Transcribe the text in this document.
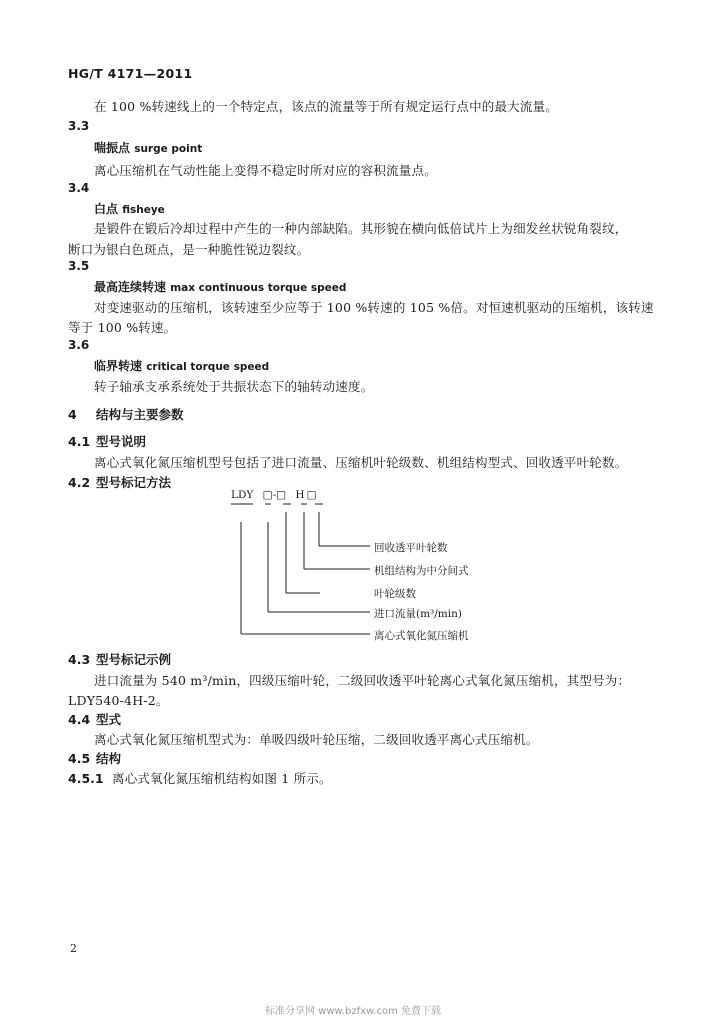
HG/T 4171—2011
在 100 %转速线上的一个特定点，该点的流量等于所有规定运行点中的最大流量。
3.3
喘振点 surge point
离心压缩机在气动性能上变得不稳定时所对应的容积流量点。
3.4
白点 fisheye
是锻件在锻后冷却过程中产生的一种内部缺陷。其形貌在横向低倍试片上为细发丝状锐角裂纹，
断口为银白色斑点，是一种脆性锐边裂纹。
3.5
最高连续转速 max continuous torque speed
对变速驱动的压缩机，该转速至少应等于 100 %转速的 105 %倍。对恒速机驱动的压缩机，该转速
等于 100 %转速。
3.6
临界转速 critical torque speed
转子轴承支承系统处于共振状态下的轴转动速度。
4 结构与主要参数
4.1 型号说明
离心式氧化氮压缩机型号包括了进口流量、压缩机叶轮级数、机组结构型式、回收透平叶轮数。
4.2 型号标记方法
LDY □-□ H □
回收透平叶轮数
机组结构为中分间式
叶轮级数
进口流量(m³/min)
离心式氧化氮压缩机
4.3 型号标记示例
进口流量为 540 m³/min，四级压缩叶轮，二级回收透平叶轮离心式氧化氮压缩机，其型号为：
LDY540-4H-2。
4.4 型式
离心式氧化氮压缩机型式为：单吸四级叶轮压缩，二级回收透平离心式压缩机。
4.5 结构
4.5.1 离心式氧化氮压缩机结构如图 1 所示。
2
标准分享网 www.bzfxw.com 免费下载
